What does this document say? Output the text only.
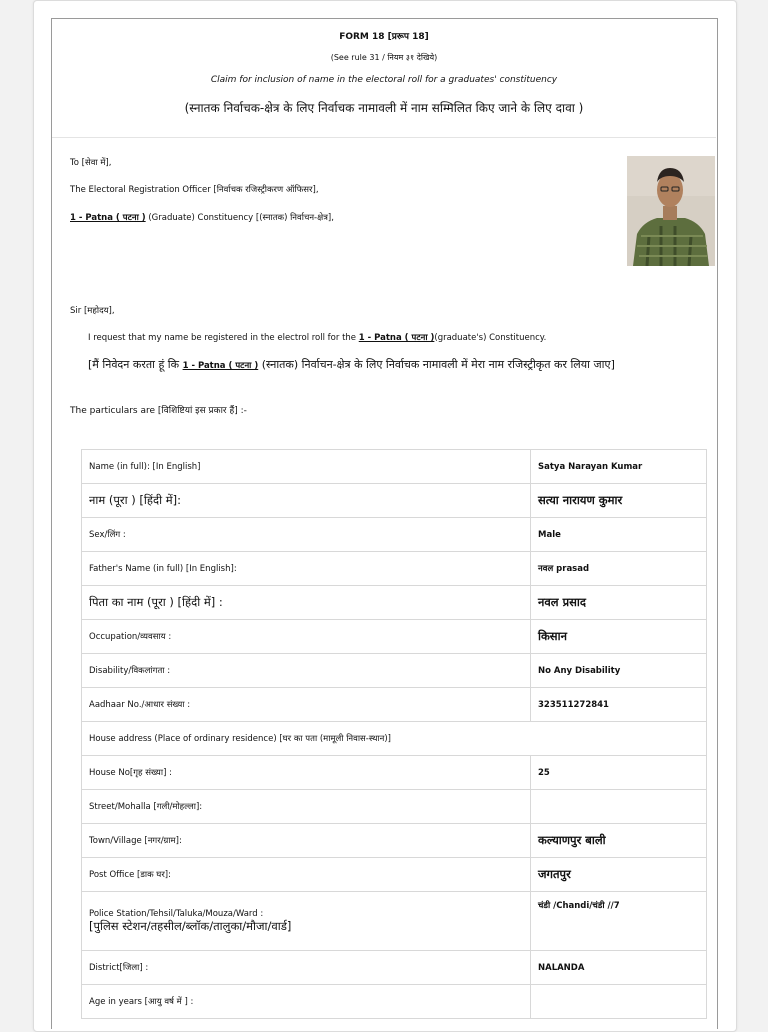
FORM 18 [प्ररूप 18]
(See rule 31 / नियम ३१ देखिये)
Claim for inclusion of name in the electoral roll for a graduates' constituency
(स्नातक निर्वाचक-क्षेत्र के लिए निर्वाचक नामावली में नाम सम्मिलित किए जाने के लिए दावा )
To [सेवा में],
The Electoral Registration Officer [निर्वाचक रजिस्ट्रीकरण ऑफिसर],
1 - Patna ( पटना ) (Graduate) Constituency [(स्नातक) निर्वाचन-क्षेत्र],
Sir [महोदय],
I request that my name be registered in the electrol roll for the 1 - Patna ( पटना )(graduate's) Constituency.
[मैं निवेदन करता हूं कि 1 - Patna ( पटना ) (स्नातक) निर्वाचन-क्षेत्र के लिए निर्वाचक नामावली में मेरा नाम रजिस्ट्रीकृत कर लिया जाए]
The particulars are [विशिष्टियां इस प्रकार हैं] :-
Name (in full): [In English]	Satya Narayan Kumar
नाम (पूरा ) [हिंदी में]:	सत्या नारायण कुमार
Sex/लिंग :	Male
Father's Name (in full) [In English]:	नवल prasad
पिता का नाम (पूरा ) [हिंदी में] :	नवल प्रसाद
Occupation/व्यवसाय :	किसान
Disability/विकलांगता :	No Any Disability
Aadhaar No./आधार संख्या :	323511272841
House address (Place of ordinary residence) [घर का पता (मामूली निवास-स्थान)]	
House No[गृह संख्या] :	25
Street/Mohalla [गली/मोहल्ला]:	
Town/Village [नगर/ग्राम]:	कल्याणपुर बाली
Post Office [डाक घर]:	जगतपुर

Police Station/Tehsil/Taluka/Mouza/Ward :
[पुलिस स्टेशन/तहसील/ब्लॉक/तालुका/मौजा/वार्ड]	चंडी /Chandi/चंडी //7
District[जिला] :	NALANDA
Age in years [आयु वर्ष में ] :	
